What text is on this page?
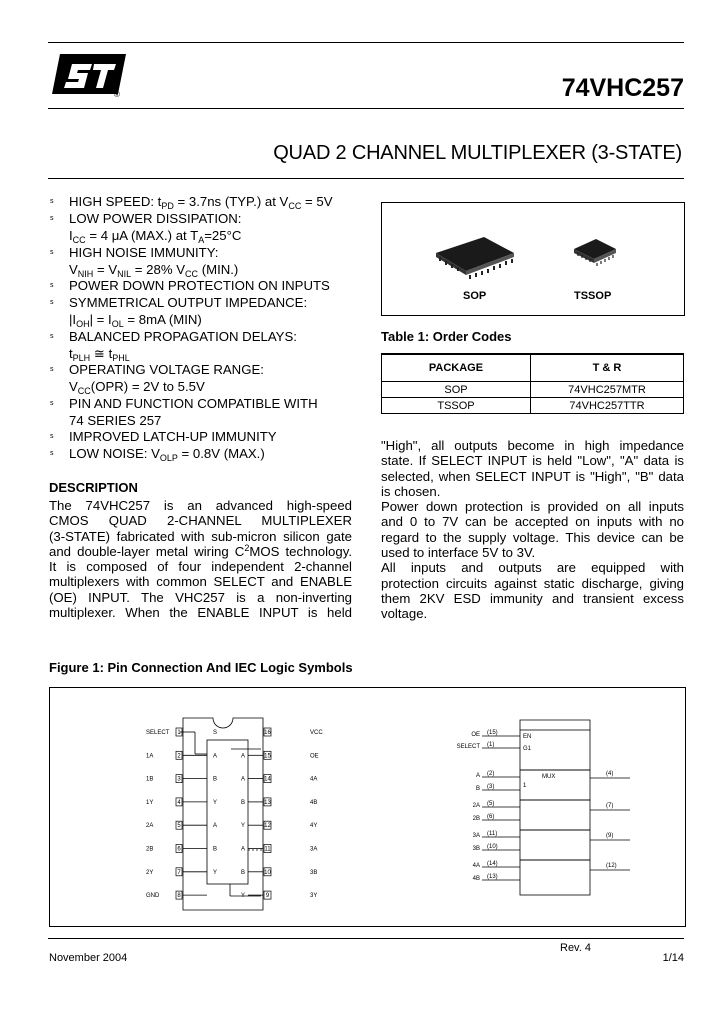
®	74VHC257
QUAD 2 CHANNEL MULTIPLEXER (3-STATE)
s HIGH SPEED: $t_{PD} = 3.7ns$ (TYP.) at $V_{CC} = 5V$
s LOW POWER DISSIPATION:
$I_{CC} = 4$ μA (MAX.) at $T_A=25^\circ C$
s HIGH NOISE IMMUNITY:
$V_{NIH} = V_{NIL} = 28\%$ $V_{CC}$ (MIN.)
s POWER DOWN PROTECTION ON INPUTS
s SYMMETRICAL OUTPUT IMPEDANCE:
$|I_{OH}| = I_{OL} = 8mA$ (MIN)
s BALANCED PROPAGATION DELAYS:
$t_{PLH}$ ≅ $t_{PHL}$
s OPERATING VOLTAGE RANGE:
$V_{CC}(OPR) = 2V$ to 5.5V
s PIN AND FUNCTION COMPATIBLE WITH
74 SERIES 257
s IMPROVED LATCH-UP IMMUNITY
s LOW NOISE: $V_{OLP} = 0.8V$ (MAX.)
SOP	TSSOP
Table 1: Order Codes
PACKAGE	T & R
SOP	74VHC257MTR
TSSOP	74VHC257TTR
DESCRIPTION
The 74VHC257 is an advanced high-speed
CMOS QUAD 2-CHANNEL MULTIPLEXER
(3-STATE) fabricated with sub-micron silicon gate
and double-layer metal wiring $C^2MOS$ technology.
It is composed of four independent 2-channel
multiplexers with common SELECT and ENABLE
(OE) INPUT. The VHC257 is a non-inverting
multiplexer. When the ENABLE INPUT is held
"High", all outputs become in high impedance
state. If SELECT INPUT is held "Low", "A" data is
selected, when SELECT INPUT is "High", "B" data
is chosen.
Power down protection is provided on all inputs
and 0 to 7V can be accepted on inputs with no
regard to the supply voltage. This device can be
used to interface 5V to 3V.
All inputs and outputs are equipped with
protection circuits against static discharge, giving
them 2KV ESD immunity and transient excess
voltage.
Figure 1: Pin Connection And IEC Logic Symbols
SELECT 1	VCC
16
S
1A	2	OE
15
A	A
1B	3	4A
14
B	A
1Y	4	4B
13
Y	B
2A	5	4Y
12
A	Y
2B	6	3A
11
B	A
2Y	7	3B
10
Y	B
GND	8	3Y
9
Y
OE (15)
SELECT (1)
A (2)
B (3)
2A (5)
2B (6)
3A (11)
3B (10)
4A (14)
4B (13)
(4)
(7)
(9)
(12)
EN
G1
MUX
1
Rev. 4
November 2004	1/14
